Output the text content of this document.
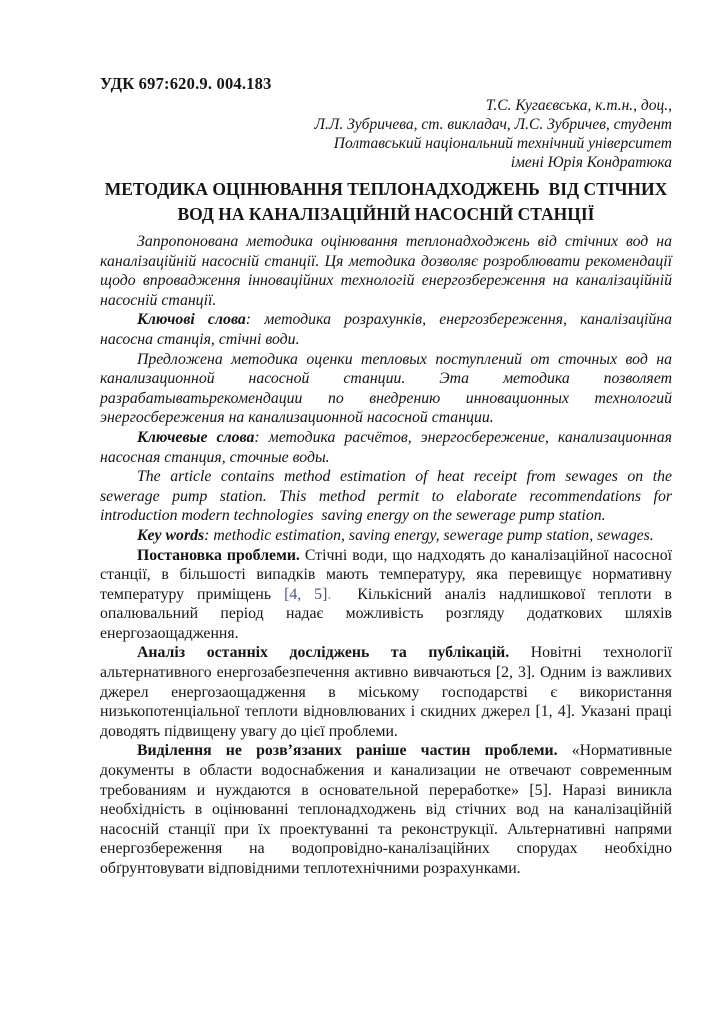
УДК 697:620.9. 004.183
Т.С. Кугаєвська, к.т.н., доц.,
Л.Л. Зубричева, ст. викладач, Л.С. Зубричев, студент
Полтавський національний технічний університет
імені Юрія Кондратюка
МЕТОДИКА ОЦІНЮВАННЯ ТЕПЛОНАДХОДЖЕНЬ  ВІД СТІЧНИХ
ВОД НА КАНАЛІЗАЦІЙНІЙ НАСОСНІЙ СТАНЦІЇ

Запропонована методика оцінювання теплонадходжень від стічних вод на каналізаційній насосній станції. Ця методика дозволяє розроблювати рекомендації щодо впровадження інноваційних технологій енергозбереження на каналізаційній насосній станції.

Ключові слова: методика розрахунків, енергозбереження, каналізаційна насосна станція, стічні води.

Предложена методика оценки тепловых поступлений от сточных вод на канализационной насосной станции. Эта методика позволяет разрабатыватьрекомендации по внедрению инновационных технологий энергосбережения на канализационной насосной станции.

Ключевые слова: методика расчётов, энергосбережение, канализационная насосная станция, сточные воды.

The article contains method estimation of heat receipt from sewages on the sewerage pump station. This method permit to elaborate recommendations for introduction modern technologies  saving energy on the sewerage pump station.

Key words: methodic estimation, saving energy, sewerage pump station, sewages.

Постановка проблеми. Стічні води, що надходять до каналізаційної насосної станції, в більшості випадків мають температуру, яка перевищує нормативну температуру приміщень [4, 5].  Кількісний аналіз надлишкової теплоти в опалювальний період надає можливість розгляду додаткових шляхів енергозаощадження.

Аналіз останніх досліджень та публікацій. Новітні технології альтернативного енергозабезпечення активно вивчаються [2, 3]. Одним із важливих джерел енергозаощадження в міському господарстві є використання низькопотенціальної теплоти відновлюваних і скидних джерел [1, 4]. Указані праці доводять підвищену увагу до цієї проблеми.

Виділення не розв’язаних раніше частин проблеми. «Нормативные документы в области водоснабжения и канализации не отвечают современным требованиям и нуждаются в основательной переработке» [5]. Наразі виникла необхідність в оцінюванні теплонадходжень від стічних вод на каналізаційній насосній станції при їх проектуванні та реконструкції. Альтернативні напрями енергозбереження на водопровідно-каналізаційних спорудах необхідно обґрунтовувати відповідними теплотехнічними розрахунками.
